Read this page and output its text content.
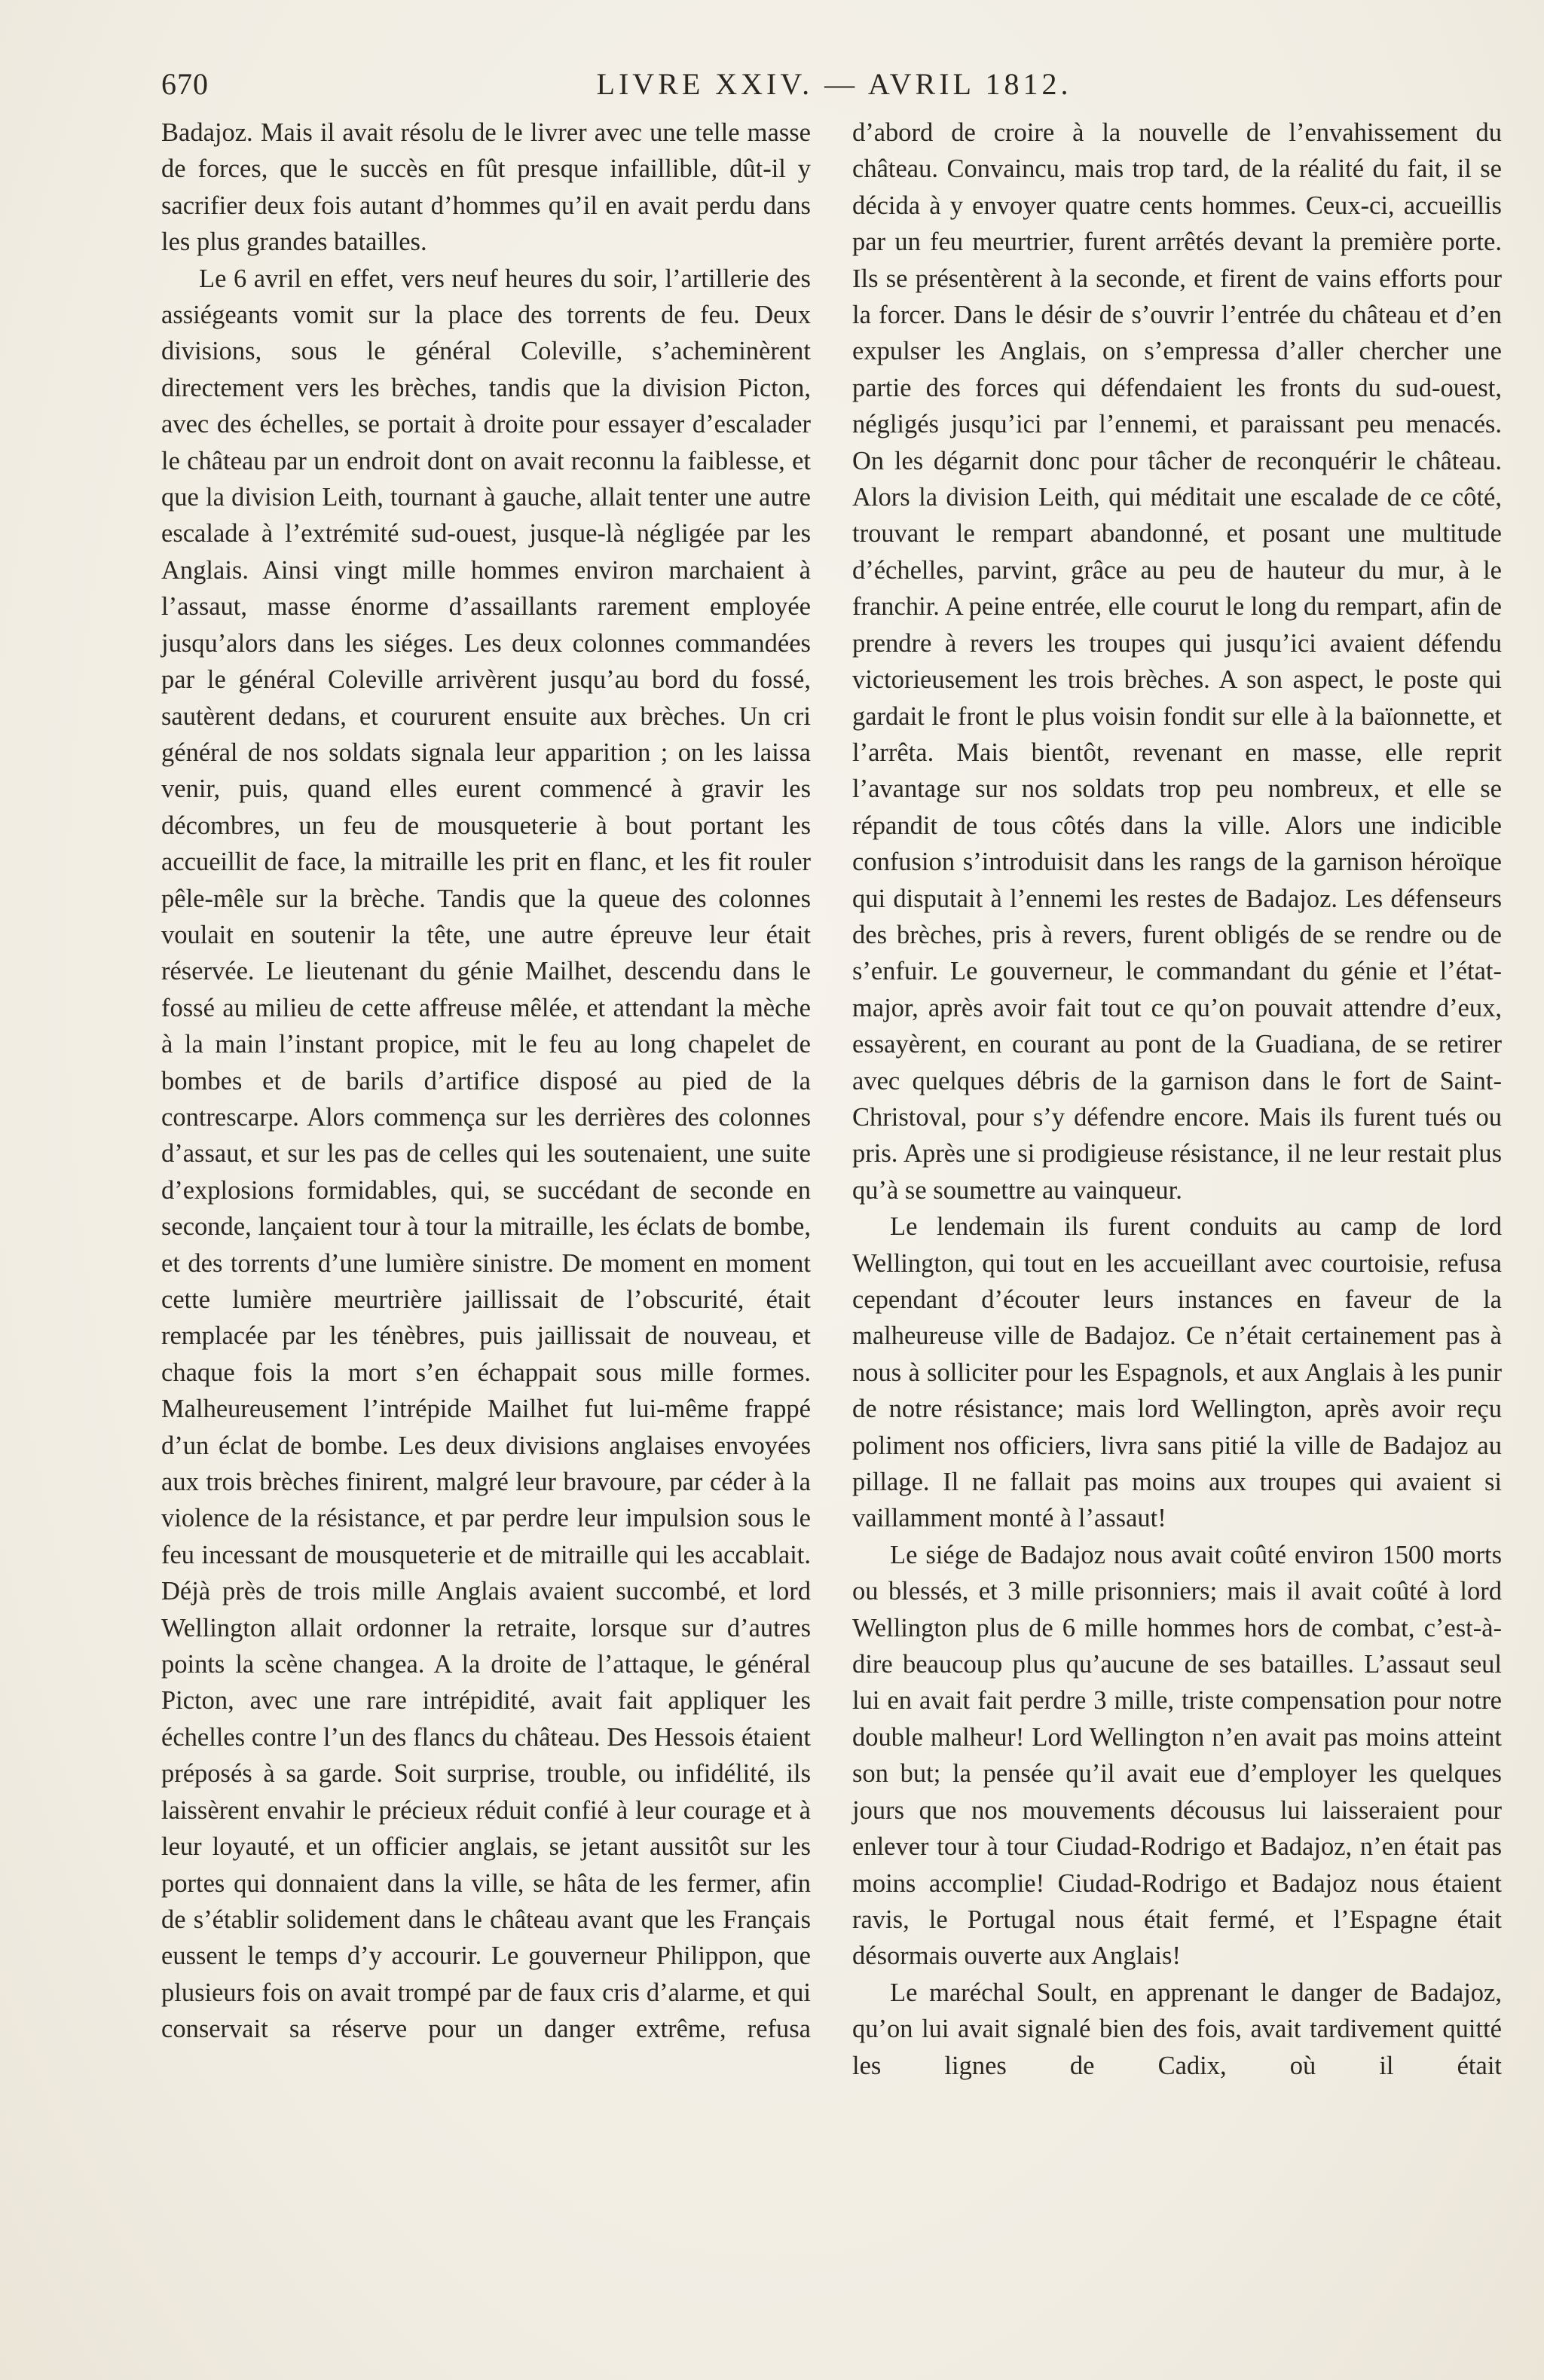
670	LIVRE XXIV. — AVRIL 1812.

Badajoz. Mais il avait résolu de le livrer avec une telle masse de forces, que le succès en fût presque infaillible, dût-il y sacrifier deux fois autant d’hommes qu’il en avait perdu dans les plus grandes batailles.

Le 6 avril en effet, vers neuf heures du soir, l’artillerie des assiégeants vomit sur la place des torrents de feu. Deux divisions, sous le général Coleville, s’acheminèrent directement vers les brèches, tandis que la division Picton, avec des échelles, se portait à droite pour essayer d’escalader le château par un endroit dont on avait reconnu la faiblesse, et que la division Leith, tournant à gauche, allait tenter une autre escalade à l’extrémité sud-ouest, jusque-là négligée par les Anglais. Ainsi vingt mille hommes environ marchaient à l’assaut, masse énorme d’assaillants rarement employée jusqu’alors dans les siéges. Les deux colonnes commandées par le général Coleville arrivèrent jusqu’au bord du fossé, sautèrent dedans, et coururent ensuite aux brèches. Un cri général de nos soldats signala leur apparition ; on les laissa venir, puis, quand elles eurent commencé à gravir les décombres, un feu de mousqueterie à bout portant les accueillit de face, la mitraille les prit en flanc, et les fit rouler pêle-mêle sur la brèche. Tandis que la queue des colonnes voulait en soutenir la tête, une autre épreuve leur était réservée. Le lieutenant du génie Mailhet, descendu dans le fossé au milieu de cette affreuse mêlée, et attendant la mèche à la main l’instant propice, mit le feu au long chapelet de bombes et de barils d’artifice disposé au pied de la contrescarpe. Alors commença sur les derrières des colonnes d’assaut, et sur les pas de celles qui les soutenaient, une suite d’explosions formidables, qui, se succédant de seconde en seconde, lançaient tour à tour la mitraille, les éclats de bombe, et des torrents d’une lumière sinistre. De moment en moment cette lumière meurtrière jaillissait de l’obscurité, était remplacée par les ténèbres, puis jaillissait de nouveau, et chaque fois la mort s’en échappait sous mille formes. Malheureusement l’intrépide Mailhet fut lui-même frappé d’un éclat de bombe. Les deux divisions anglaises envoyées aux trois brèches finirent, malgré leur bravoure, par céder à la violence de la résistance, et par perdre leur impulsion sous le feu incessant de mousqueterie et de mitraille qui les accablait. Déjà près de trois mille Anglais avaient succombé, et lord Wellington allait ordonner la retraite, lorsque sur d’autres points la scène changea. A la droite de l’attaque, le général Picton, avec une rare intrépidité, avait fait appliquer les échelles contre l’un des flancs du château. Des Hessois étaient préposés à sa garde. Soit surprise, trouble, ou infidélité, ils laissèrent envahir le précieux réduit confié à leur courage et à leur loyauté, et un officier anglais, se jetant aussitôt sur les portes qui donnaient dans la ville, se hâta de les fermer, afin de s’établir solidement dans le château avant que les Français eussent le temps d’y accourir. Le gouverneur Philippon, que plusieurs fois on avait trompé par de faux cris d’alarme, et qui conservait sa réserve pour un danger extrême, refusa

d’abord de croire à la nouvelle de l’envahissement du château. Convaincu, mais trop tard, de la réalité du fait, il se décida à y envoyer quatre cents hommes. Ceux-ci, accueillis par un feu meurtrier, furent arrêtés devant la première porte. Ils se présentèrent à la seconde, et firent de vains efforts pour la forcer. Dans le désir de s’ouvrir l’entrée du château et d’en expulser les Anglais, on s’empressa d’aller chercher une partie des forces qui défendaient les fronts du sud-ouest, négligés jusqu’ici par l’ennemi, et paraissant peu menacés. On les dégarnit donc pour tâcher de reconquérir le château. Alors la division Leith, qui méditait une escalade de ce côté, trouvant le rempart abandonné, et posant une multitude d’échelles, parvint, grâce au peu de hauteur du mur, à le franchir. A peine entrée, elle courut le long du rempart, afin de prendre à revers les troupes qui jusqu’ici avaient défendu victorieusement les trois brèches. A son aspect, le poste qui gardait le front le plus voisin fondit sur elle à la baïonnette, et l’arrêta. Mais bientôt, revenant en masse, elle reprit l’avantage sur nos soldats trop peu nombreux, et elle se répandit de tous côtés dans la ville. Alors une indicible confusion s’introduisit dans les rangs de la garnison héroïque qui disputait à l’ennemi les restes de Badajoz. Les défenseurs des brèches, pris à revers, furent obligés de se rendre ou de s’enfuir. Le gouverneur, le commandant du génie et l’état-major, après avoir fait tout ce qu’on pouvait attendre d’eux, essayèrent, en courant au pont de la Guadiana, de se retirer avec quelques débris de la garnison dans le fort de Saint-Christoval, pour s’y défendre encore. Mais ils furent tués ou pris. Après une si prodigieuse résistance, il ne leur restait plus qu’à se soumettre au vainqueur.

Le lendemain ils furent conduits au camp de lord Wellington, qui tout en les accueillant avec courtoisie, refusa cependant d’écouter leurs instances en faveur de la malheureuse ville de Badajoz. Ce n’était certainement pas à nous à solliciter pour les Espagnols, et aux Anglais à les punir de notre résistance; mais lord Wellington, après avoir reçu poliment nos officiers, livra sans pitié la ville de Badajoz au pillage. Il ne fallait pas moins aux troupes qui avaient si vaillamment monté à l’assaut!

Le siége de Badajoz nous avait coûté environ 1500 morts ou blessés, et 3 mille prisonniers; mais il avait coûté à lord Wellington plus de 6 mille hommes hors de combat, c’est-à-dire beaucoup plus qu’aucune de ses batailles. L’assaut seul lui en avait fait perdre 3 mille, triste compensation pour notre double malheur! Lord Wellington n’en avait pas moins atteint son but; la pensée qu’il avait eue d’employer les quelques jours que nos mouvements décousus lui laisseraient pour enlever tour à tour Ciudad-Rodrigo et Badajoz, n’en était pas moins accomplie! Ciudad-Rodrigo et Badajoz nous étaient ravis, le Portugal nous était fermé, et l’Espagne était désormais ouverte aux Anglais!

Le maréchal Soult, en apprenant le danger de Badajoz, qu’on lui avait signalé bien des fois, avait tardivement quitté les lignes de Cadix, où il était
